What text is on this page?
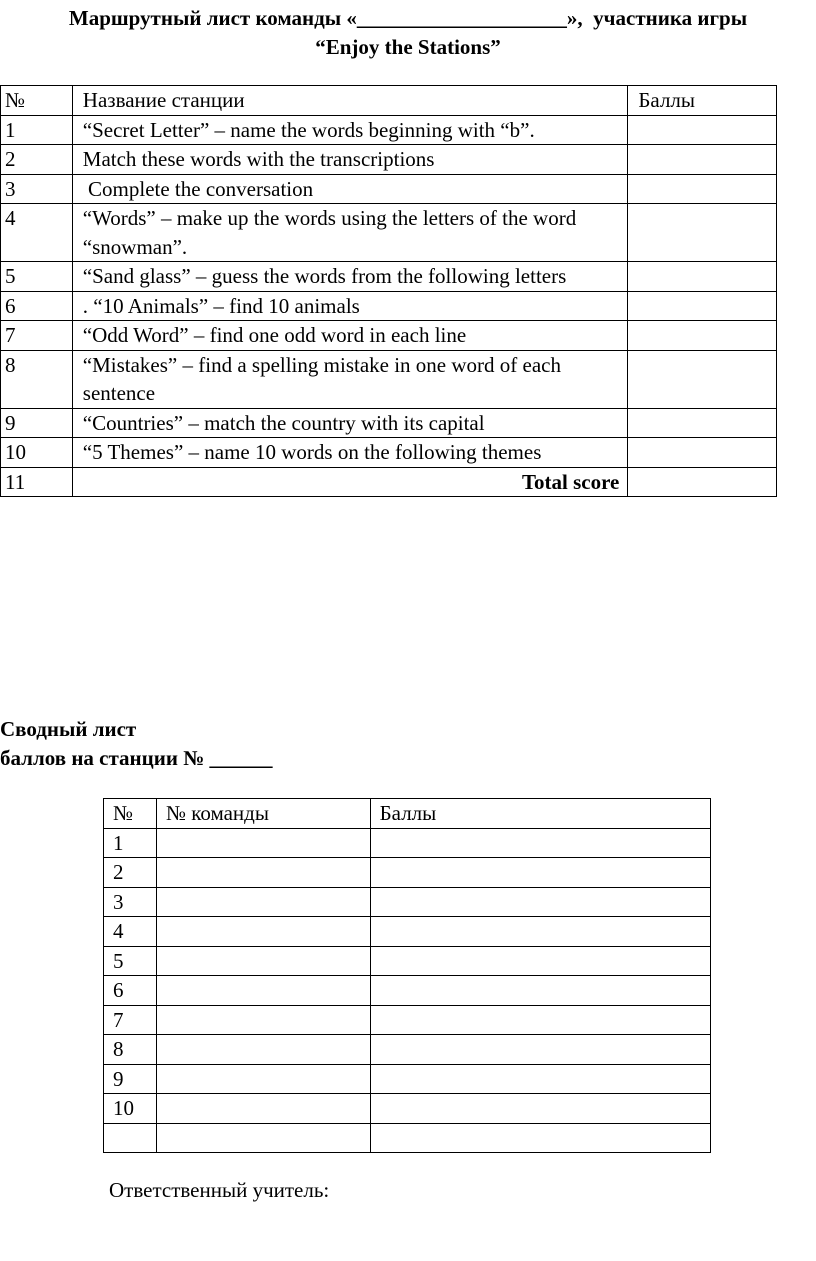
Маршрутный лист команды «____________________»,  участника игры
“Enjoy the Stations”
№	Название станции	Баллы
1	“Secret Letter” – name the words beginning with “b”.	
2	Match these words with the transcriptions	
3	Complete the conversation	
4	“Words” – make up the words using the letters of the word “snowman”.	
5	“Sand glass” – guess the words from the following letters	
6	. “10 Animals” – find 10 animals	
7	“Odd Word” – find one odd word in each line	
8	“Mistakes” – find a spelling mistake in one word of each sentence	
9	“Countries” – match the country with its capital	
10	“5 Themes” – name 10 words on the following themes	
11	Total score	
Сводный лист
баллов на станции № ______
№	№ команды	Баллы
1		
2		
3		
4		
5		
6		
7		
8		
9		
10		

Ответственный учитель:
